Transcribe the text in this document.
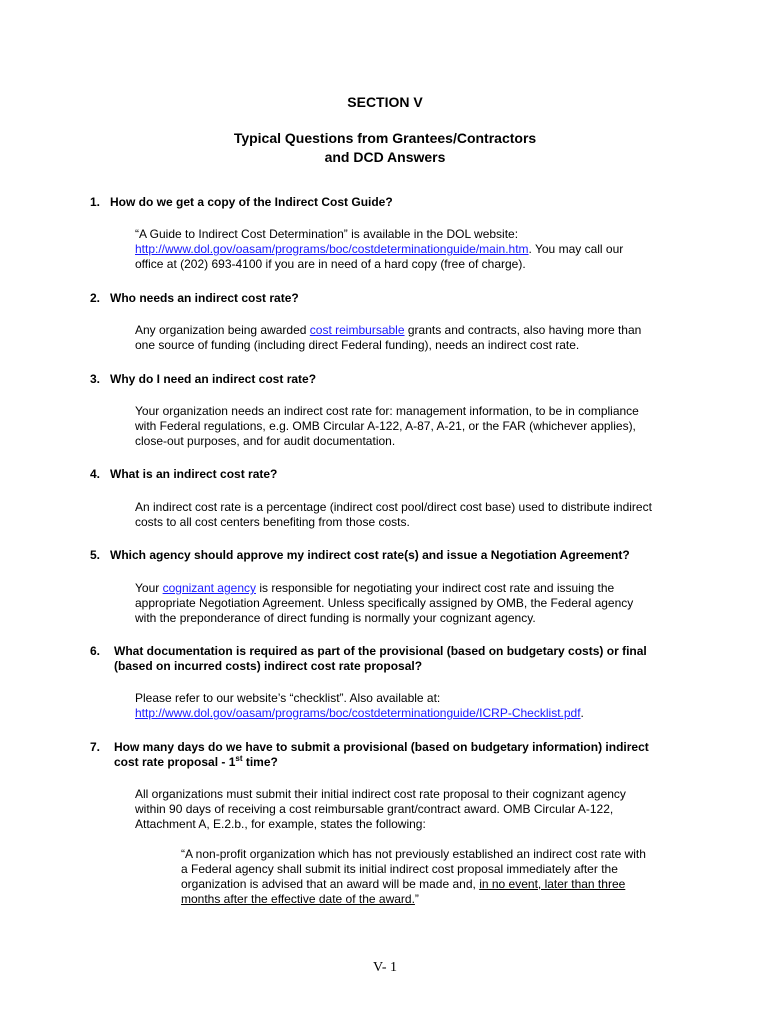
SECTION V
Typical Questions from Grantees/Contractors
and DCD Answers
1. How do we get a copy of the Indirect Cost Guide?
“A Guide to Indirect Cost Determination” is available in the DOL website:
http://www.dol.gov/oasam/programs/boc/costdeterminationguide/main.htm. You may call our
office at (202) 693-4100 if you are in need of a hard copy (free of charge).
2. Who needs an indirect cost rate?
Any organization being awarded cost reimbursable grants and contracts, also having more than
one source of funding (including direct Federal funding), needs an indirect cost rate.
3. Why do I need an indirect cost rate?
Your organization needs an indirect cost rate for: management information, to be in compliance
with Federal regulations, e.g. OMB Circular A-122, A-87, A-21, or the FAR (whichever applies),
close-out purposes, and for audit documentation.
4. What is an indirect cost rate?
An indirect cost rate is a percentage (indirect cost pool/direct cost base) used to distribute indirect
costs to all cost centers benefiting from those costs.
5. Which agency should approve my indirect cost rate(s) and issue a Negotiation Agreement?
Your cognizant agency is responsible for negotiating your indirect cost rate and issuing the
appropriate Negotiation Agreement. Unless specifically assigned by OMB, the Federal agency
with the preponderance of direct funding is normally your cognizant agency.
6. What documentation is required as part of the provisional (based on budgetary costs) or final
(based on incurred costs) indirect cost rate proposal?
Please refer to our website’s “checklist”. Also available at:
http://www.dol.gov/oasam/programs/boc/costdeterminationguide/ICRP-Checklist.pdf.
7. How many days do we have to submit a provisional (based on budgetary information) indirect
cost rate proposal - 1st time?
All organizations must submit their initial indirect cost rate proposal to their cognizant agency
within 90 days of receiving a cost reimbursable grant/contract award. OMB Circular A-122,
Attachment A, E.2.b., for example, states the following:
“A non-profit organization which has not previously established an indirect cost rate with
a Federal agency shall submit its initial indirect cost proposal immediately after the
organization is advised that an award will be made and, in no event, later than three
months after the effective date of the award.”
V- 1
